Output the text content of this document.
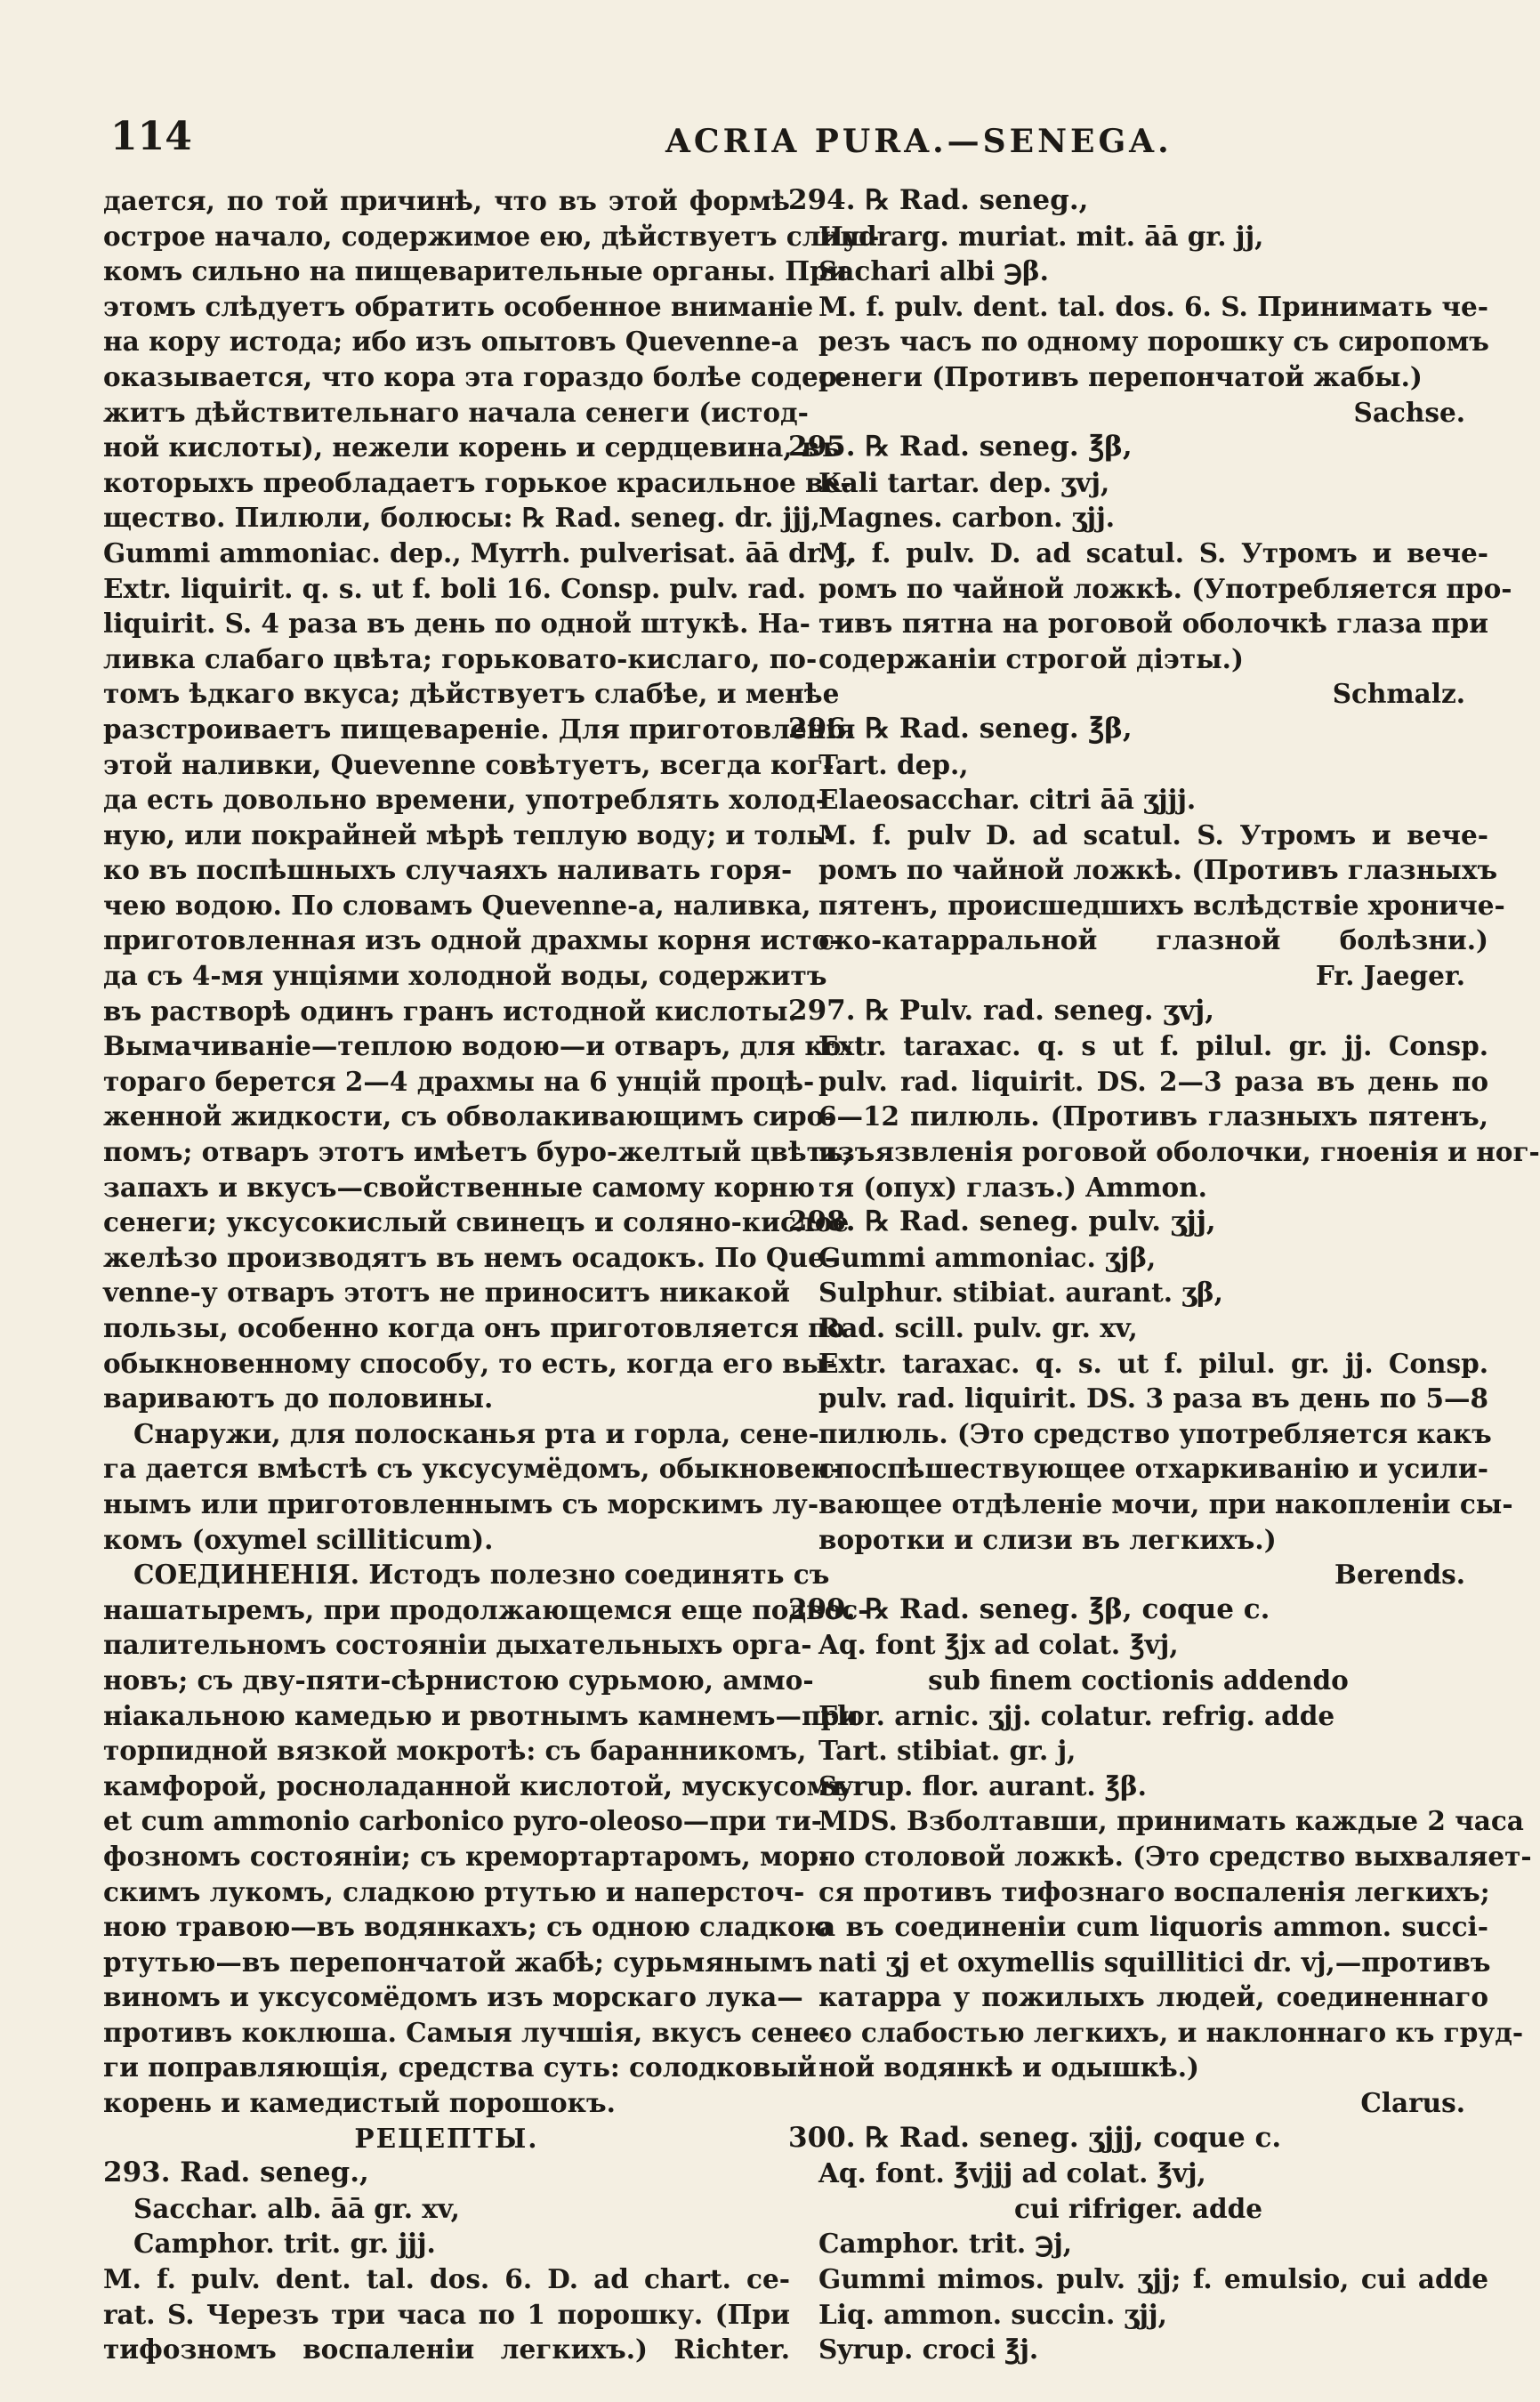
114	ACRIA PURA.—SENEGA.
дается, по той причинѣ, что въ этой формѣ
острое начало, содержимое ею, дѣйствуетъ слиш-
комъ сильно на пищеварительные органы. При
этомъ слѣдуетъ обратить особенное вниманіе
на кору истода; ибо изъ опытовъ Quevenne-а
оказывается, что кора эта гораздо болѣе содер-
житъ дѣйствительнаго начала сенеги (истод-
ной кислоты), нежели корень и сердцевина, въ
которыхъ преобладаетъ горькое красильное ве-
щество. Пилюли, болюсы: ℞ Rad. seneg. dr. jjj,
Gummi ammoniac. dep., Myrrh. pulverisat. āā dr. j,
Extr. liquirit. q. s. ut f. boli 16. Consp. pulv. rad.
liquirit. S. 4 раза въ день по одной штукѣ. На-
ливка слабаго цвѣта; горьковато-кислаго, по-
томъ ѣдкаго вкуса; дѣйствуетъ слабѣе, и менѣе
разстроиваетъ пищевареніе. Для приготовленія
этой наливки, Quevenne совѣтуетъ, всегда ког-
да есть довольно времени, употреблять холод-
ную, или покрайней мѣрѣ теплую воду; и толь-
ко въ поспѣшныхъ случаяхъ наливать горя-
чею водою. По словамъ Quevenne-а, наливка,
приготовленная изъ одной драхмы корня исто-
да съ 4-мя унціями холодной воды, содержитъ
въ растворѣ одинъ гранъ истодной кислоты.
Вымачиваніе—теплою водою—и отваръ, для ко-
тораго берется 2—4 драхмы на 6 унцій процѣ-
женной жидкости, съ обволакивающимъ сиро-
помъ; отваръ этотъ имѣетъ буро-желтый цвѣтъ,
запахъ и вкусъ—свойственные самому корню
сенеги; уксусокислый свинецъ и соляно-кислое
желѣзо производятъ въ немъ осадокъ. По Que-
venne-у отваръ этотъ не приноситъ никакой
пользы, особенно когда онъ приготовляется по
обыкновенному способу, то есть, когда его вы-
вариваютъ до половины.
Снаружи, для полосканья рта и горла, сене-
га дается вмѣстѣ съ уксусумёдомъ, обыкновен-
нымъ или приготовленнымъ съ морскимъ лу-
комъ (oxymel scilliticum).
СОЕДИНЕНІЯ. Истодъ полезно соединять съ
нашатыремъ, при продолжающемся еще подвос-
палительномъ состояніи дыхательныхъ орга-
новъ; съ дву-пяти-сѣрнистою сурьмою, аммо-
ніакальною камедью и рвотнымъ камнемъ—при
торпидной вязкой мокротѣ: съ баранникомъ,
камфорой, росноладанной кислотой, мускусомъ
et cum ammonio carbonico pyro-oleoso—при ти-
фозномъ состояніи; съ кремортартаромъ, мор-
скимъ лукомъ, сладкою ртутью и наперсточ-
ною травою—въ водянкахъ; съ одною сладкою
ртутью—въ перепончатой жабѣ; сурьмянымъ
виномъ и уксусомёдомъ изъ морскаго лука—
противъ коклюша. Самыя лучшія, вкусъ сене-
ги поправляющія, средства суть: солодковый
корень и камедистый порошокъ.
РЕЦЕПТЫ.
293. Rad. seneg.,
Sacchar. alb. āā gr. xv,
Camphor. trit. gr. jjj.
M. f. pulv. dent. tal. dos. 6. D. ad chart. ce-
rat. S. Черезъ три часа по 1 порошку. (При
тифозномъ воспаленіи легкихъ.) Richter.
294. ℞ Rad. seneg.,
Hydrarg. muriat. mit. āā gr. jj,
Sachari albi ℈β.
M. f. pulv. dent. tal. dos. 6. S. Принимать че-
резъ часъ по одному порошку съ сиропомъ
сенеги (Противъ перепончатой жабы.)
Sachse.
295. ℞ Rad. seneg. ℥β,
Kali tartar. dep. ʒvj,
Magnes. carbon. ʒjj.
M. f. pulv. D. ad scatul. S. Утромъ и вече-
ромъ по чайной ложкѣ. (Употребляется про-
тивъ пятна на роговой оболочкѣ глаза при
содержаніи строгой діэты.)
Schmalz.
296. ℞ Rad. seneg. ℥β,
Tart. dep.,
Elaeosacchar. citri āā ʒjjj.
M. f. pulv D. ad scatul. S. Утромъ и вече-
ромъ по чайной ложкѣ. (Противъ глазныхъ
пятенъ, происшедшихъ вслѣдствіе хрониче-
ско-катарральной глазной болѣзни.)
Fr. Jaeger.
297. ℞ Pulv. rad. seneg. ʒvj,
Extr. taraxac. q. s ut f. pilul. gr. jj. Consp.
pulv. rad. liquirit. DS. 2—3 раза въ день по
6—12 пилюль. (Противъ глазныхъ пятенъ,
изъязвленія роговой оболочки, гноенія и ног-
тя (опух) глазъ.) Ammon.
298. ℞ Rad. seneg. pulv. ʒjj,
Gummi ammoniac. ʒjβ,
Sulphur. stibiat. aurant. ʒβ,
Rad. scill. pulv. gr. xv,
Extr. taraxac. q. s. ut f. pilul. gr. jj. Consp.
pulv. rad. liquirit. DS. 3 раза въ день по 5—8
пилюль. (Это средство употребляется какъ
споспѣшествующее отхаркиванію и усили-
вающее отдѣленіе мочи, при накопленіи сы-
воротки и слизи въ легкихъ.)
Berends.
299. ℞ Rad. seneg. ℥β, coque c.
Aq. font ℥jx ad colat. ℥vj,
sub finem coctionis addendo
Flor. arnic. ʒjj. colatur. refrig. adde
Tart. stibiat. gr. j,
Syrup. flor. aurant. ℥β.
MDS. Взболтавши, принимать каждые 2 часа
по столовой ложкѣ. (Это средство выхваляет-
ся противъ тифознаго воспаленія легкихъ;
а въ соединеніи cum liquoris ammon. succi-
nati ʒj et oxymellis squillitici dr. vj,—противъ
катарра у пожилыхъ людей, соединеннаго
со слабостью легкихъ, и наклоннаго къ груд-
ной водянкѣ и одышкѣ.)
Clarus.
300. ℞ Rad. seneg. ʒjjj, coque c.
Aq. font. ℥vjjj ad colat. ℥vj,
cui rifriger. adde
Camphor. trit. ℈j,
Gummi mimos. pulv. ʒjj; f. emulsio, cui adde
Liq. ammon. succin. ʒjj,
Syrup. croci ℥j.
